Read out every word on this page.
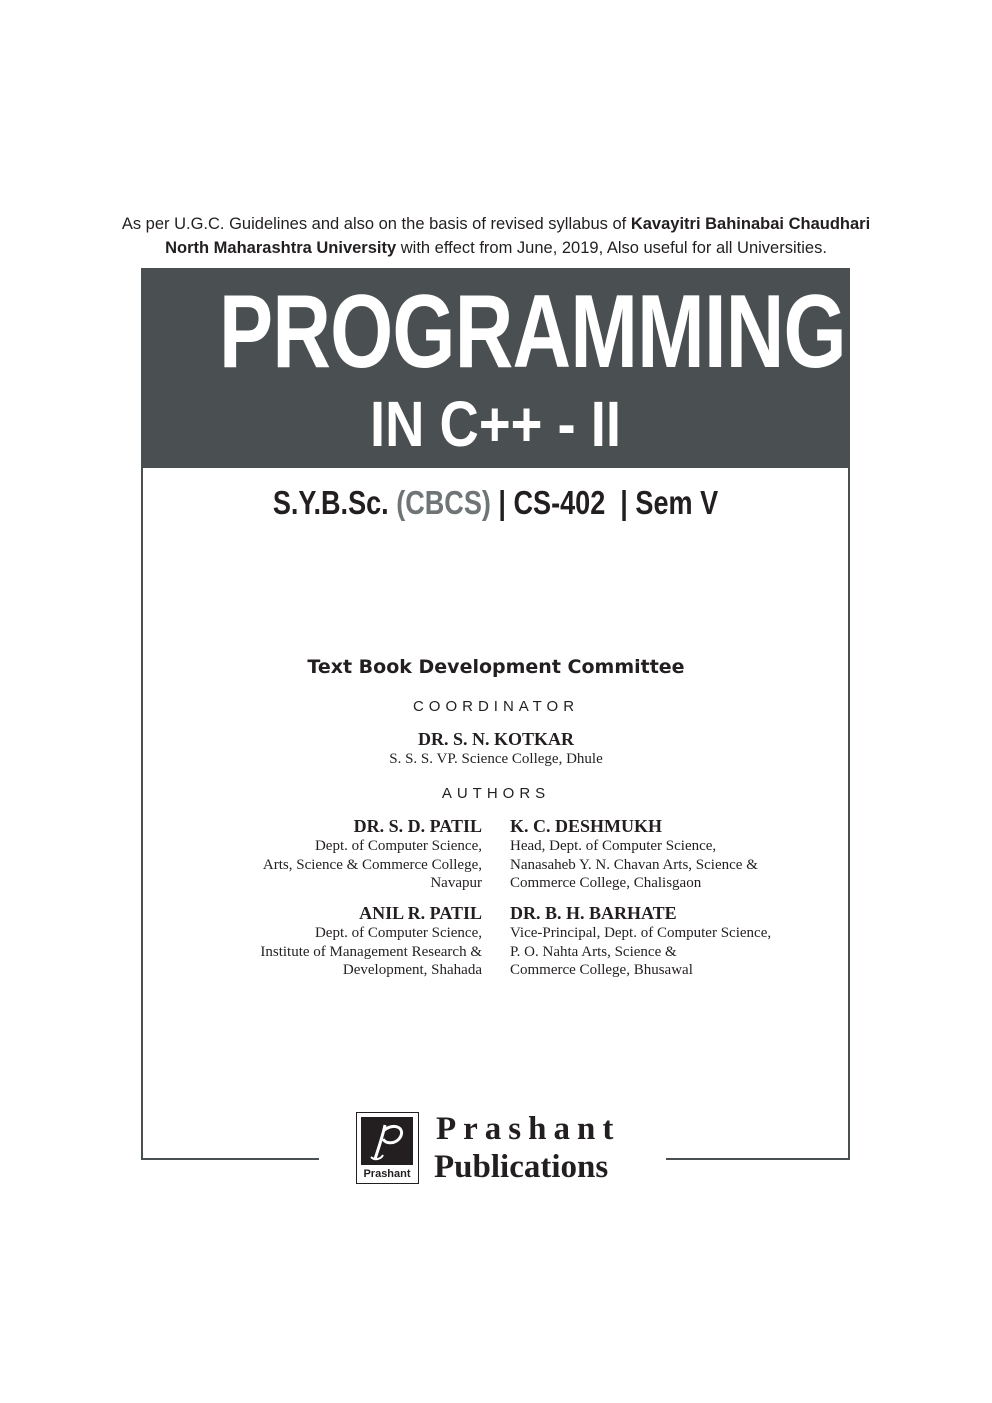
As per U.G.C. Guidelines and also on the basis of revised syllabus of Kavayitri Bahinabai Chaudhari
North Maharashtra University with effect from June, 2019, Also useful for all Universities.
PROGRAMMING
IN C++ - II
S.Y.B.Sc. (CBCS) | CS-402  | Sem V
Text Book Development Committee
COORDINATOR
DR. S. N. KOTKAR
S. S. S. VP. Science College, Dhule
AUTHORS
DR. S. D. PATIL
Dept. of Computer Science,
Arts, Science & Commerce College,
Navapur
K. C. DESHMUKH
Head, Dept. of Computer Science,
Nanasaheb Y. N. Chavan Arts, Science &
Commerce College, Chalisgaon
ANIL R. PATIL
Dept. of Computer Science,
Institute of Management Research &
Development, Shahada
DR. B. H. BARHATE
Vice-Principal, Dept. of Computer Science,
P. O. Nahta Arts, Science &
Commerce College, Bhusawal
Prashant
Prashant
Publications
